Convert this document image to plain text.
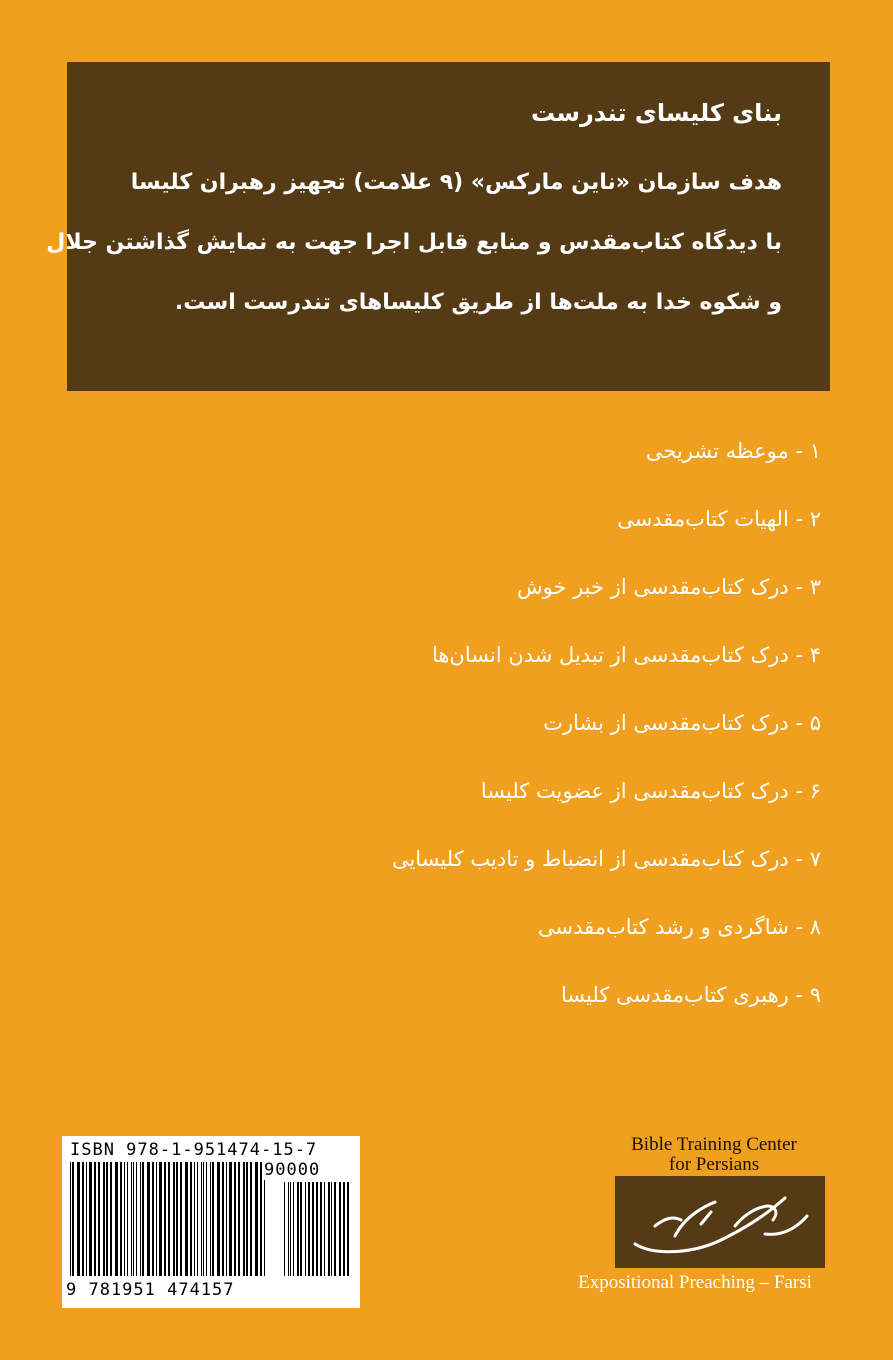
بنای کلیسای تندرست
هدف سازمان «ناین مارکس» (۹ علامت) تجهیز رهبران کلیسا
با دیدگاه کتاب‌مقدس و منابع قابل اجرا جهت به نمایش گذاشتن جلال
و شکوه خدا به ملت‌ها از طریق کلیساهای تندرست است.
۱ - موعظه تشریحی
۲ - الهیات کتاب‌مقدسی
۳ - درک کتاب‌مقدسی از خبر خوش
۴ - درک کتاب‌مقدسی از تبدیل شدن انسان‌ها
۵ - درک کتاب‌مقدسی از بشارت
۶ - درک کتاب‌مقدسی از عضویت کلیسا
۷ - درک کتاب‌مقدسی از انضباط و تادیب کلیسایی
۸ - شاگردی و رشد کتاب‌مقدسی
۹ - رهبری کتاب‌مقدسی کلیسا
ISBN 978-1-951474-15-7
90000
9 781951 474157
Bible Training Center
for Persians
کانون کتاب مقدس
Expositional Preaching – Farsi
